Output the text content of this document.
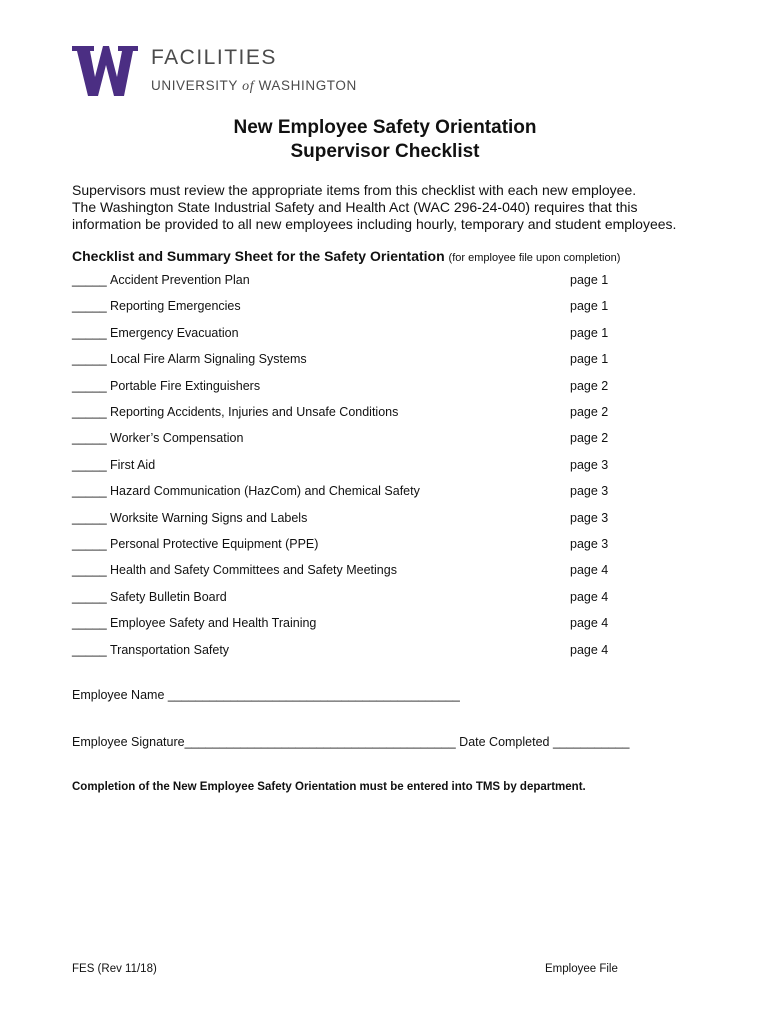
FACILITIES
UNIVERSITY of WASHINGTON
New Employee Safety Orientation
Supervisor Checklist
Supervisors must review the appropriate items from this checklist with each new employee.
The Washington State Industrial Safety and Health Act (WAC 296-24-040) requires that this
information be provided to all new employees including hourly, temporary and student employees.
Checklist and Summary Sheet for the Safety Orientation (for employee file upon completion)
_____ Accident Prevention Plan	page 1
_____ Reporting Emergencies	page 1
_____ Emergency Evacuation	page 1
_____ Local Fire Alarm Signaling Systems	page 1
_____ Portable Fire Extinguishers	page 2
_____ Reporting Accidents, Injuries and Unsafe Conditions	page 2
_____ Worker’s Compensation	page 2
_____ First Aid	page 3
_____ Hazard Communication (HazCom) and Chemical Safety	page 3
_____ Worksite Warning Signs and Labels	page 3
_____ Personal Protective Equipment (PPE)	page 3
_____ Health and Safety Committees and Safety Meetings	page 4
_____ Safety Bulletin Board	page 4
_____ Employee Safety and Health Training	page 4
_____ Transportation Safety	page 4
Employee Name __________________________________________
Employee Signature_______________________________________ Date Completed ___________
Completion of the New Employee Safety Orientation must be entered into TMS by department.
FES (Rev 11/18)	Employee File
